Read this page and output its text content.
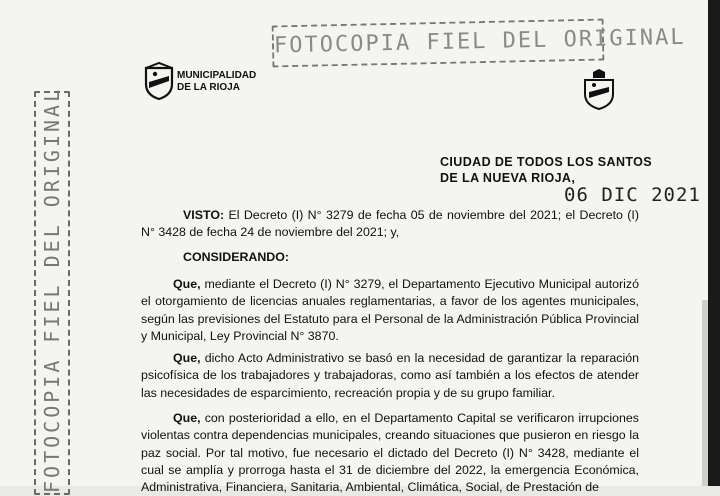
FOTOCOPIA FIEL DEL ORIGINAL
FOTOCOPIA FIEL DEL ORIGINAL
MUNICIPALIDAD
DE LA RIOJA
CIUDAD DE TODOS LOS SANTOS
DE LA NUEVA RIOJA,
06 DIC 2021
VISTO: El Decreto (I) N° 3279 de fecha 05 de noviembre del 2021; el Decreto (I) N° 3428 de fecha 24 de noviembre del 2021; y,
CONSIDERANDO:
Que, mediante el Decreto (I) N° 3279, el Departamento Ejecutivo Municipal autorizó el otorgamiento de licencias anuales reglamentarias, a favor de los agentes municipales, según las previsiones del Estatuto para el Personal de la Administración Pública Provincial y Municipal, Ley Provincial N° 3870.
Que, dicho Acto Administrativo se basó en la necesidad de garantizar la reparación psicofísica de los trabajadores y trabajadoras, como así también a los efectos de atender las necesidades de esparcimiento, recreación propia y de su grupo familiar.
Que, con posterioridad a ello, en el Departamento Capital se verificaron irrupciones violentas contra dependencias municipales, creando situaciones que pusieron en riesgo la paz social. Por tal motivo, fue necesario el dictado del Decreto (I) N° 3428, mediante el cual se amplía y prorroga hasta el 31 de diciembre del 2022, la emergencia Económica, Administrativa, Financiera, Sanitaria, Ambiental, Climática, Social, de Prestación de
